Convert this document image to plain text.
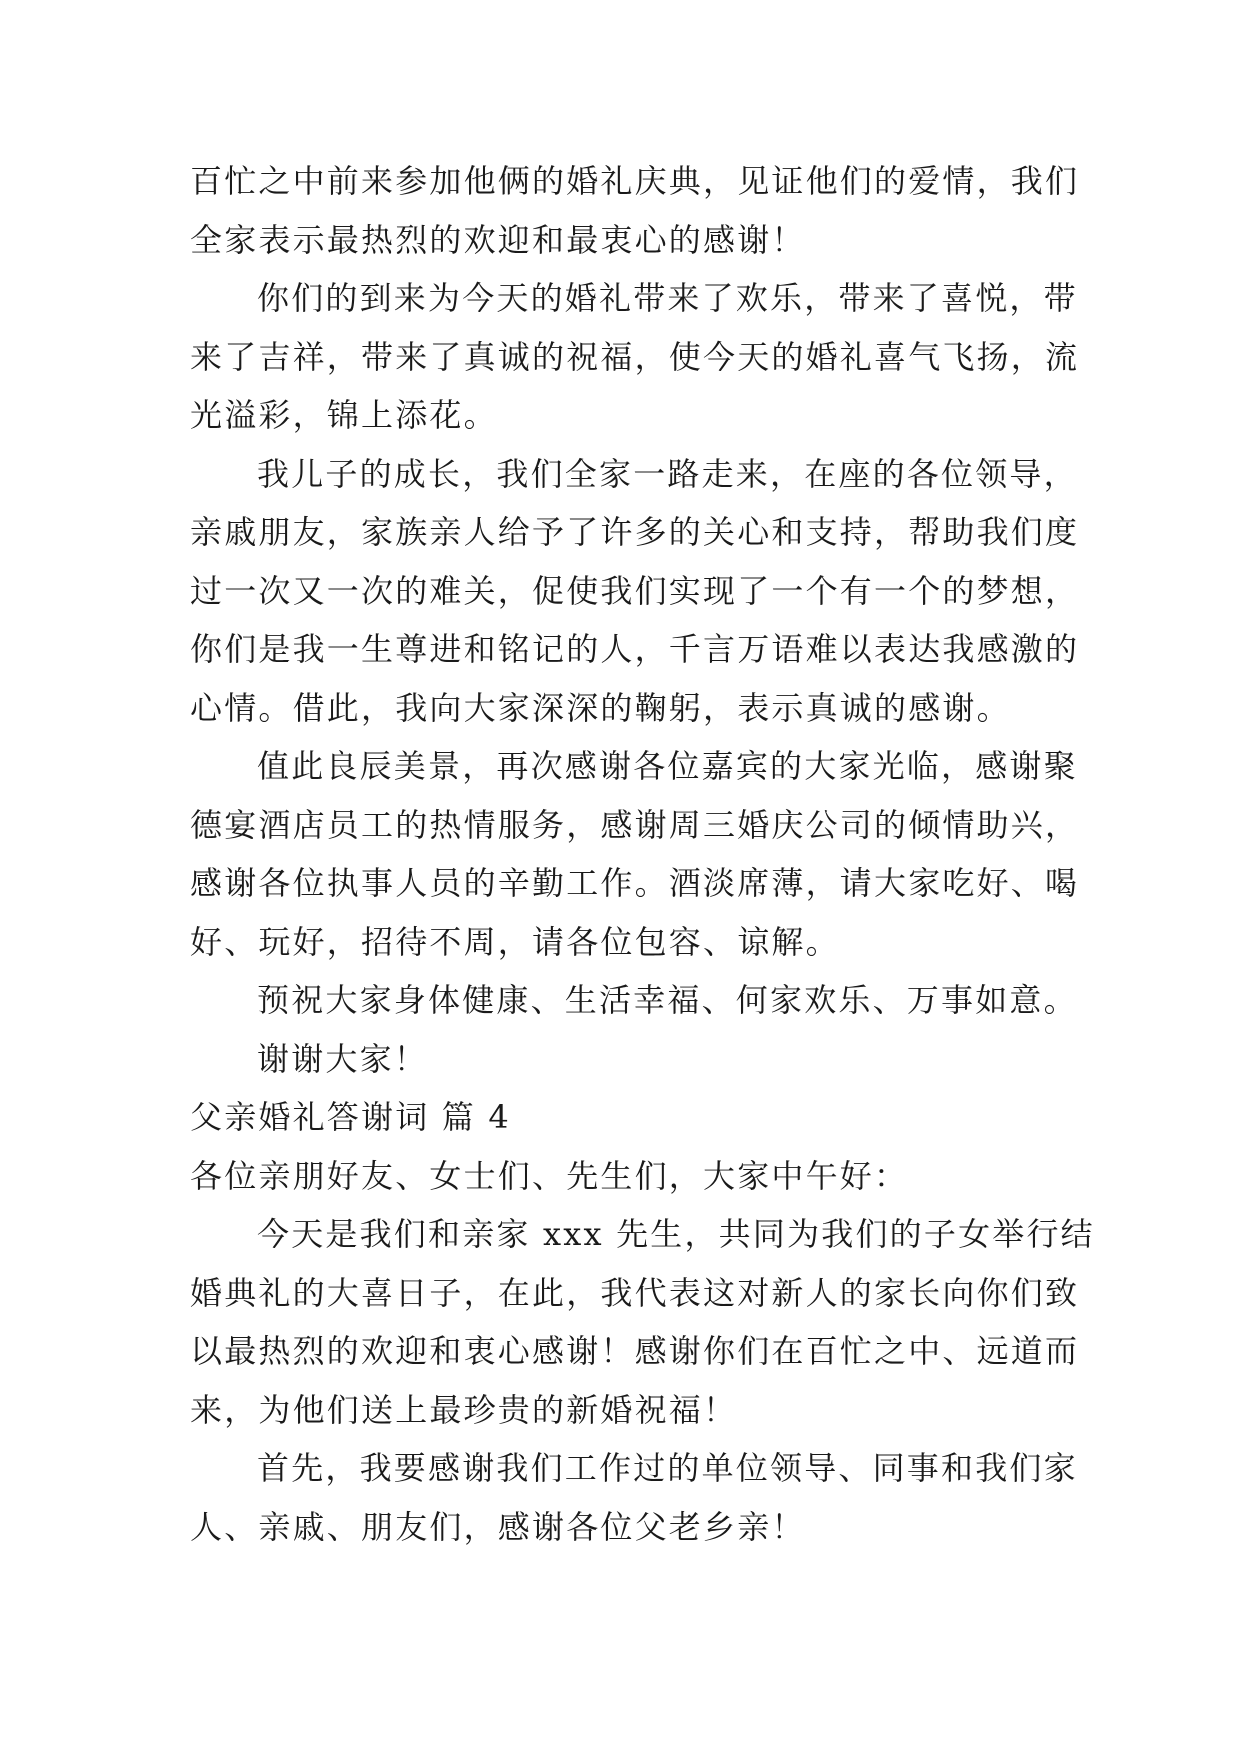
百忙之中前来参加他俩的婚礼庆典，见证他们的爱情，我们
全家表示最热烈的欢迎和最衷心的感谢！
你们的到来为今天的婚礼带来了欢乐，带来了喜悦，带
来了吉祥，带来了真诚的祝福，使今天的婚礼喜气飞扬，流
光溢彩，锦上添花。
我儿子的成长，我们全家一路走来，在座的各位领导，
亲戚朋友，家族亲人给予了许多的关心和支持，帮助我们度
过一次又一次的难关，促使我们实现了一个有一个的梦想，
你们是我一生尊进和铭记的人，千言万语难以表达我感激的
心情。借此，我向大家深深的鞠躬，表示真诚的感谢。
值此良辰美景，再次感谢各位嘉宾的大家光临，感谢聚
德宴酒店员工的热情服务，感谢周三婚庆公司的倾情助兴，
感谢各位执事人员的辛勤工作。酒淡席薄，请大家吃好、喝
好、玩好，招待不周，请各位包容、谅解。
预祝大家身体健康、生活幸福、何家欢乐、万事如意。
谢谢大家！
父亲婚礼答谢词 篇 4
各位亲朋好友、女士们、先生们，大家中午好：
今天是我们和亲家 xxx 先生，共同为我们的子女举行结
婚典礼的大喜日子，在此，我代表这对新人的家长向你们致
以最热烈的欢迎和衷心感谢！感谢你们在百忙之中、远道而
来，为他们送上最珍贵的新婚祝福！
首先，我要感谢我们工作过的单位领导、同事和我们家
人、亲戚、朋友们，感谢各位父老乡亲！
